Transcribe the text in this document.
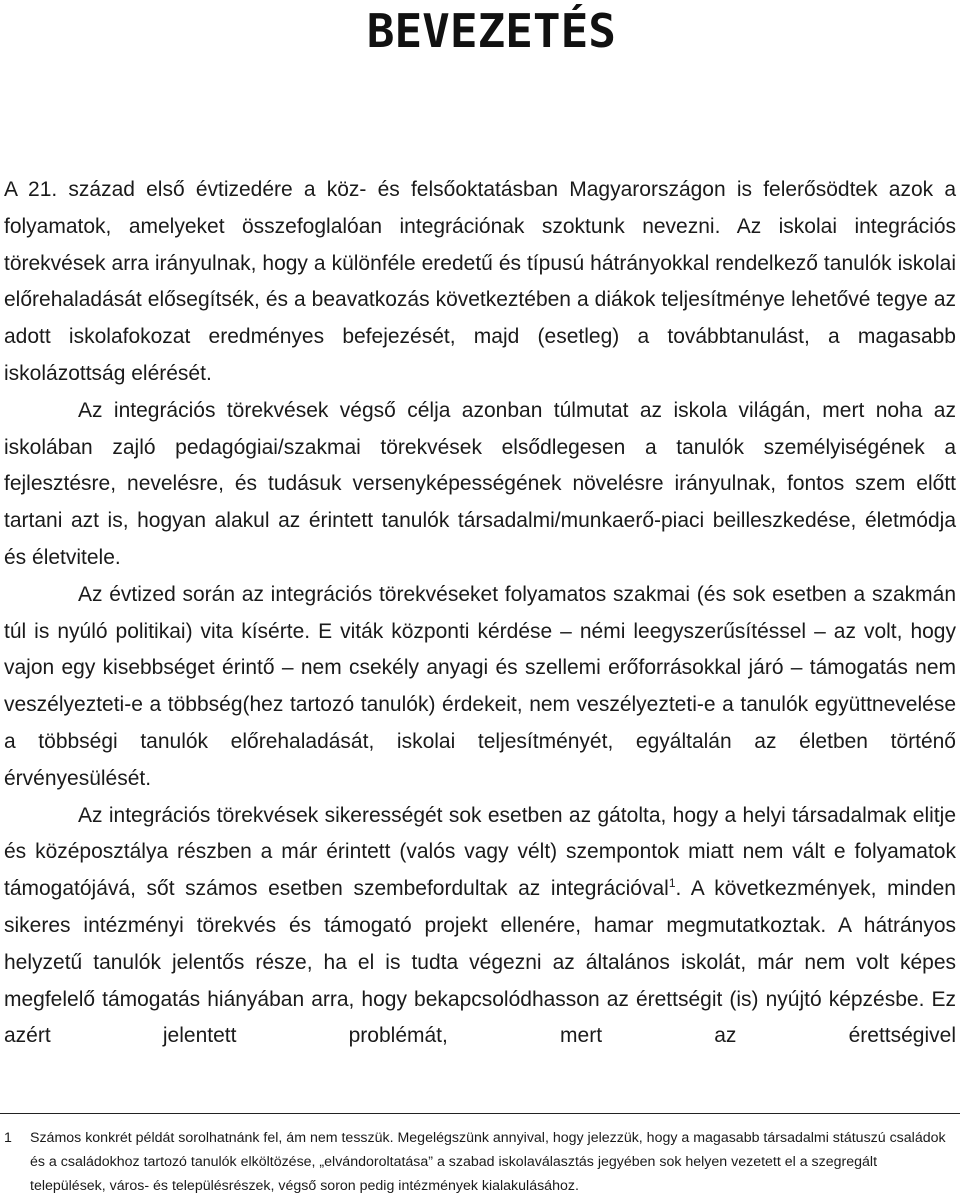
BEVEZETÉS

A 21. század első évtizedére a köz- és felsőoktatásban Magyarországon is felerősödtek azok a folyamatok, amelyeket összefoglalóan integrációnak szoktunk nevezni. Az iskolai integrációs törekvések arra irányulnak, hogy a különféle eredetű és típusú hátrányokkal rendelkező tanulók iskolai előrehaladását elősegítsék, és a beavatkozás következtében a diákok teljesítménye lehetővé tegye az adott iskolafokozat eredményes befejezését, majd (esetleg) a továbbtanulást, a magasabb iskolázottság elérését.

Az integrációs törekvések végső célja azonban túlmutat az iskola világán, mert noha az iskolában zajló pedagógiai/szakmai törekvések elsődlegesen a tanulók személyiségének a fejlesztésre, nevelésre, és tudásuk versenyképességének növelésre irányulnak, fontos szem előtt tartani azt is, hogyan alakul az érintett tanulók társadalmi/munkaerő-piaci beilleszkedése, életmódja és életvitele.

Az évtized során az integrációs törekvéseket folyamatos szakmai (és sok esetben a szakmán túl is nyúló politikai) vita kísérte. E viták központi kérdése – némi leegyszerűsítéssel – az volt, hogy vajon egy kisebbséget érintő – nem csekély anyagi és szellemi erőforrásokkal járó – támogatás nem veszélyezteti-e a többség(hez tartozó tanulók) érdekeit, nem veszélyezteti-e a tanulók együttnevelése a többségi tanulók előrehaladását, iskolai teljesítményét, egyáltalán az életben történő érvényesülését.

Az integrációs törekvések sikerességét sok esetben az gátolta, hogy a helyi társadalmak elitje és középosztálya részben a már érintett (valós vagy vélt) szempontok miatt nem vált e folyamatok támogatójává, sőt számos esetben szembefordultak az integrációval$^1$. A következmények, minden sikeres intézményi törekvés és támogató projekt ellenére, hamar megmutatkoztak. A hátrányos helyzetű tanulók jelentős része, ha el is tudta végezni az általános iskolát, már nem volt képes megfelelő támogatás hiányában arra, hogy bekapcsolódhasson az érettségit (is) nyújtó képzésbe. Ez azért jelentett problémát, mert az érettségivel

1	Számos konkrét példát sorolhatnánk fel, ám nem tesszük. Megelégszünk annyival, hogy jelezzük, hogy a magasabb társadalmi státuszú családok és a családokhoz tartozó tanulók elköltözése, „elvándoroltatása” a szabad iskolaválasztás jegyében sok helyen vezetett el a szegregált települések, város- és településrészek, végső soron pedig intézmények kialakulásához.
